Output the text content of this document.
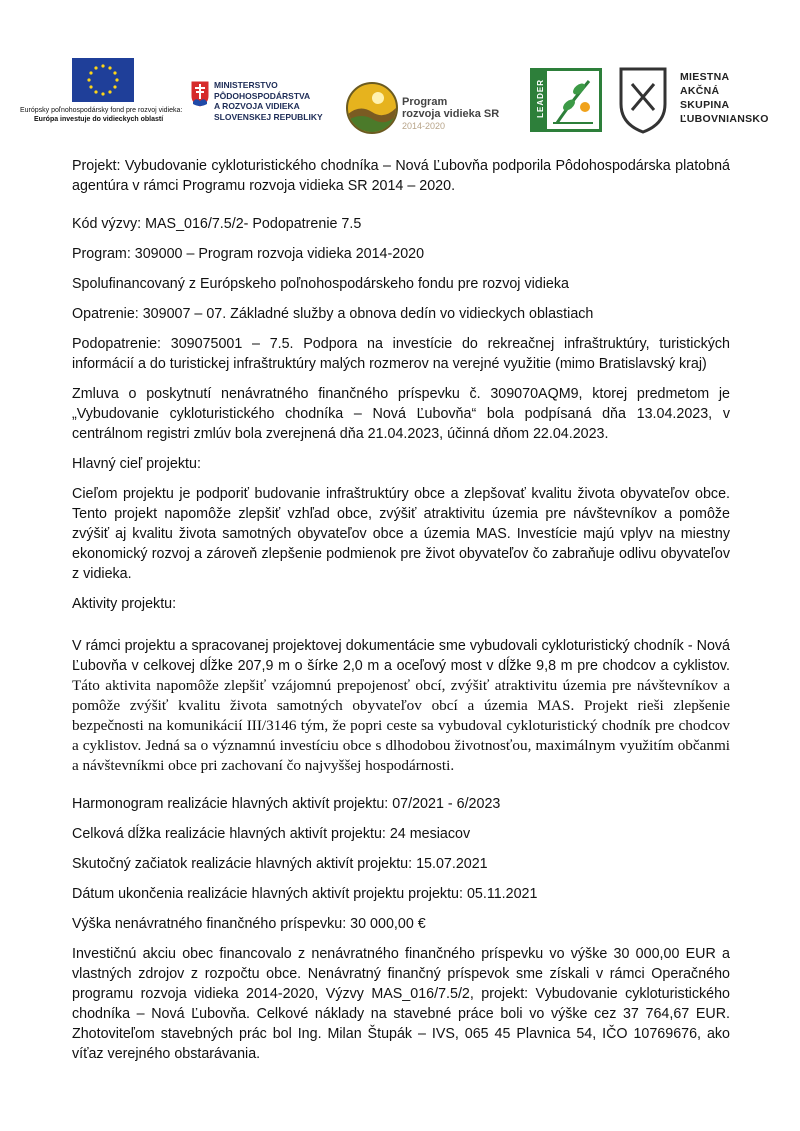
Európsky poľnohospodársky fond pre rozvoj vidieka:
Európa investuje do vidieckych oblastí
MINISTERSTVO
PÔDOHOSPODÁRSTVA
A ROZVOJA VIDIEKA
SLOVENSKEJ REPUBLIKY
Program
rozvoja vidieka SR
2014-2020
LEADER
MIESTNA
AKČNÁ
SKUPINA
ĽUBOVNIANSKO

Projekt: Vybudovanie cykloturistického chodníka – Nová Ľubovňa podporila Pôdohospodárska platobná agentúra v rámci Programu rozvoja vidieka SR 2014 – 2020.

Kód výzvy: MAS_016/7.5/2- Podopatrenie 7.5

Program: 309000 – Program rozvoja vidieka 2014-2020

Spolufinancovaný z Európskeho poľnohospodárskeho fondu pre rozvoj vidieka

Opatrenie: 309007 – 07. Základné služby a obnova dedín vo vidieckych oblastiach

Podopatrenie: 309075001 – 7.5. Podpora na investície do rekreačnej infraštruktúry, turistických informácií a do turistickej infraštruktúry malých rozmerov na verejné využitie (mimo Bratislavský kraj)

Zmluva o poskytnutí nenávratného finančného príspevku č. 309070AQM9, ktorej predmetom je „Vybudovanie cykloturistického chodníka – Nová Ľubovňa“ bola podpísaná dňa 13.04.2023, v centrálnom registri zmlúv bola zverejnená dňa 21.04.2023, účinná dňom 22.04.2023.

Hlavný cieľ projektu:

Cieľom projektu je podporiť budovanie infraštruktúry obce a zlepšovať kvalitu života obyvateľov obce. Tento projekt napomôže zlepšiť vzhľad obce, zvýšiť atraktivitu územia pre návštevníkov a pomôže zvýšiť aj kvalitu života samotných obyvateľov obce a územia MAS. Investície majú vplyv na miestny ekonomický rozvoj a zároveň zlepšenie podmienok pre život obyvateľov čo zabraňuje odlivu obyvateľov z vidieka.

Aktivity projektu:

V rámci projektu a spracovanej projektovej dokumentácie sme vybudovali cykloturistický chodník - Nová Ľubovňa v celkovej dĺžke 207,9 m o šírke 2,0 m a oceľový most v dĺžke 9,8 m pre chodcov a cyklistov. Táto aktivita napomôže zlepšiť vzájomnú prepojenosť obcí, zvýšiť atraktivitu územia pre návštevníkov a pomôže zvýšiť kvalitu života samotných obyvateľov obcí a územia MAS. Projekt rieši zlepšenie bezpečnosti na komunikácií III/3146 tým, že popri ceste sa vybudoval cykloturistický chodník pre chodcov a cyklistov. Jedná sa o významnú investíciu obce s dlhodobou životnosťou, maximálnym využitím občanmi a návštevníkmi obce pri zachovaní čo najvyššej hospodárnosti.

Harmonogram realizácie hlavných aktivít projektu: 07/2021 - 6/2023

Celková dĺžka realizácie hlavných aktivít projektu: 24 mesiacov

Skutočný začiatok realizácie hlavných aktivít projektu: 15.07.2021

Dátum ukončenia realizácie hlavných aktivít projektu projektu: 05.11.2021

Výška nenávratného finančného príspevku: 30 000,00 €

Investičnú akciu obec financovalo z nenávratného finančného príspevku vo výške 30 000,00 EUR a vlastných zdrojov z rozpočtu obce. Nenávratný finančný príspevok sme získali v rámci Operačného programu rozvoja vidieka 2014-2020, Výzvy MAS_016/7.5/2, projekt: Vybudovanie cykloturistického chodníka – Nová Ľubovňa. Celkové náklady na stavebné práce boli vo výške cez 37 764,67 EUR. Zhotoviteľom stavebných prác bol Ing. Milan Štupák – IVS, 065 45 Plavnica 54, IČO 10769676, ako víťaz verejného obstarávania.
